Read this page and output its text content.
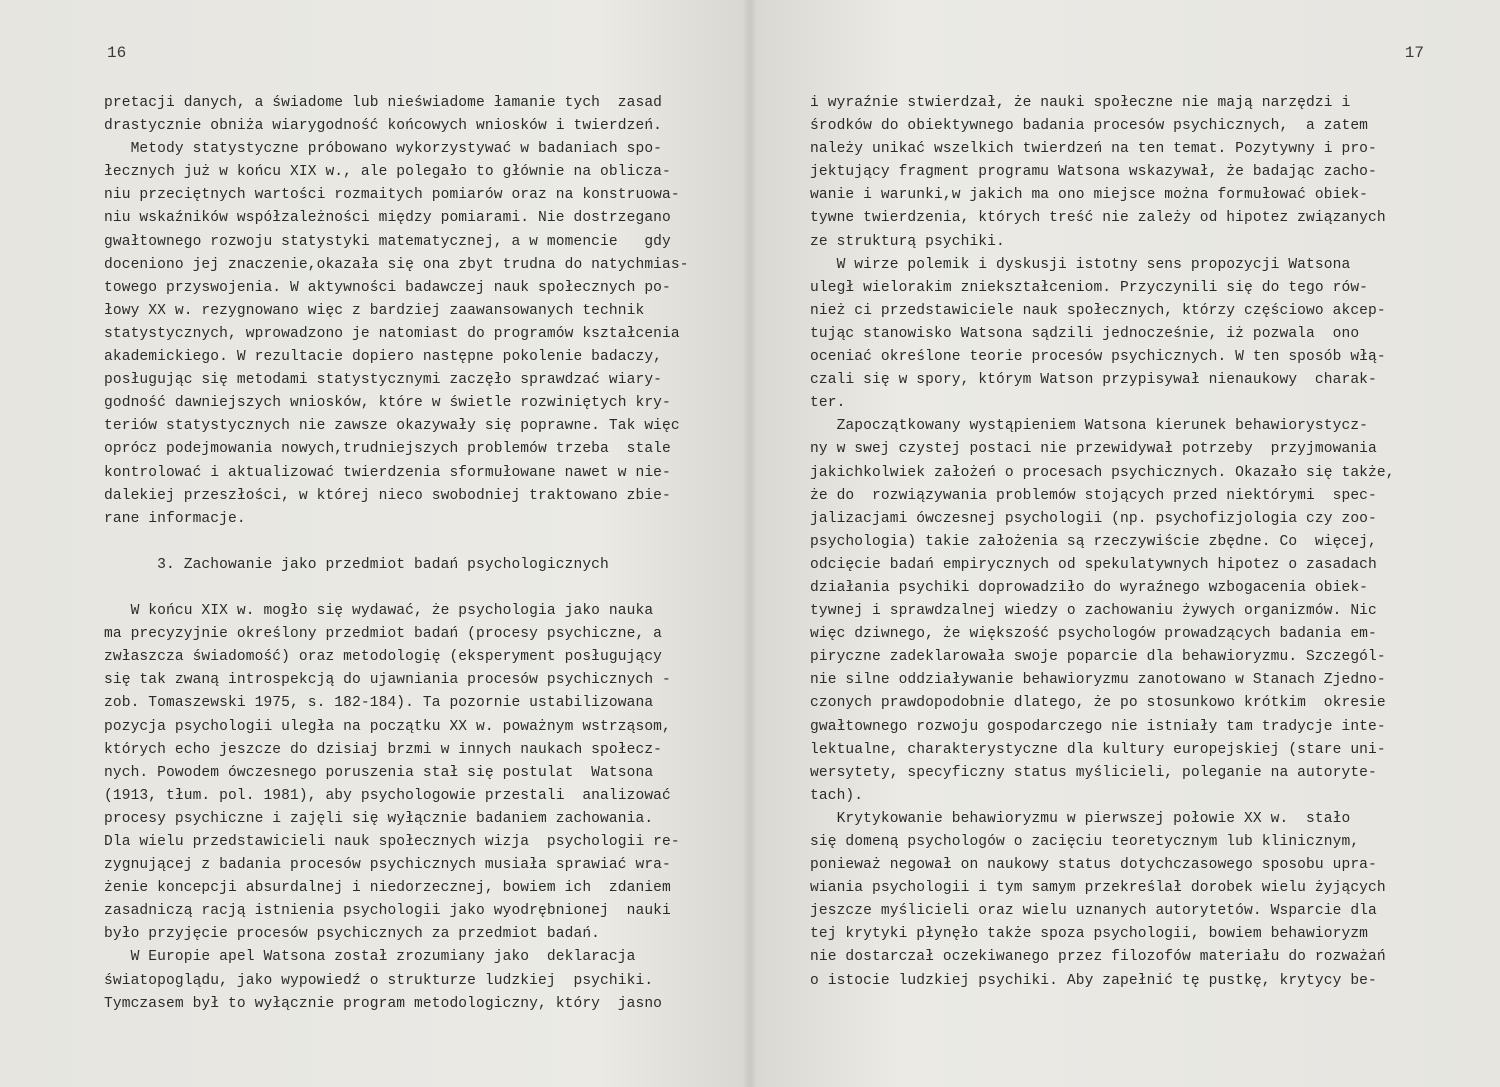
16
pretacji danych, a świadome lub nieświadome łamanie tych  zasad
drastycznie obniża wiarygodność końcowych wniosków i twierdzeń.
Metody statystyczne próbowano wykorzystywać w badaniach spo-
łecznych już w końcu XIX w., ale polegało to głównie na oblicza-
niu przeciętnych wartości rozmaitych pomiarów oraz na konstruowa-
niu wskaźników współzależności między pomiarami. Nie dostrzegano
gwałtownego rozwoju statystyki matematycznej, a w momencie   gdy
doceniono jej znaczenie,okazała się ona zbyt trudna do natychmias-
towego przyswojenia. W aktywności badawczej nauk społecznych po-
łowy XX w. rezygnowano więc z bardziej zaawansowanych technik
statystycznych, wprowadzono je natomiast do programów kształcenia
akademickiego. W rezultacie dopiero następne pokolenie badaczy,
posługując się metodami statystycznymi zaczęło sprawdzać wiary-
godność dawniejszych wniosków, które w świetle rozwiniętych kry-
teriów statystycznych nie zawsze okazywały się poprawne. Tak więc
oprócz podejmowania nowych,trudniejszych problemów trzeba  stale
kontrolować i aktualizować twierdzenia sformułowane nawet w nie-
dalekiej przeszłości, w której nieco swobodniej traktowano zbie-
rane informacje.

3. Zachowanie jako przedmiot badań psychologicznych

W końcu XIX w. mogło się wydawać, że psychologia jako nauka
ma precyzyjnie określony przedmiot badań (procesy psychiczne, a
zwłaszcza świadomość) oraz metodologię (eksperyment posługujący
się tak zwaną introspekcją do ujawniania procesów psychicznych -
zob. Tomaszewski 1975, s. 182-184). Ta pozornie ustabilizowana
pozycja psychologii uległa na początku XX w. poważnym wstrząsom,
których echo jeszcze do dzisiaj brzmi w innych naukach społecz-
nych. Powodem ówczesnego poruszenia stał się postulat  Watsona
(1913, tłum. pol. 1981), aby psychologowie przestali  analizować
procesy psychiczne i zajęli się wyłącznie badaniem zachowania.
Dla wielu przedstawicieli nauk społecznych wizja  psychologii re-
zygnującej z badania procesów psychicznych musiała sprawiać wra-
żenie koncepcji absurdalnej i niedorzecznej, bowiem ich  zdaniem
zasadniczą racją istnienia psychologii jako wyodrębnionej  nauki
było przyjęcie procesów psychicznych za przedmiot badań.
W Europie apel Watsona został zrozumiany jako  deklaracja
światopoglądu, jako wypowiedź o strukturze ludzkiej  psychiki.
Tymczasem był to wyłącznie program metodologiczny, który  jasno
17
i wyraźnie stwierdzał, że nauki społeczne nie mają narzędzi i
środków do obiektywnego badania procesów psychicznych,  a zatem
należy unikać wszelkich twierdzeń na ten temat. Pozytywny i pro-
jektujący fragment programu Watsona wskazywał, że badając zacho-
wanie i warunki,w jakich ma ono miejsce można formułować obiek-
tywne twierdzenia, których treść nie zależy od hipotez związanych
ze strukturą psychiki.
W wirze polemik i dyskusji istotny sens propozycji Watsona
uległ wielorakim zniekształceniom. Przyczynili się do tego rów-
nież ci przedstawiciele nauk społecznych, którzy częściowo akcep-
tując stanowisko Watsona sądzili jednocześnie, iż pozwala  ono
oceniać określone teorie procesów psychicznych. W ten sposób włą-
czali się w spory, którym Watson przypisywał nienaukowy  charak-
ter.
Zapoczątkowany wystąpieniem Watsona kierunek behawiorystycz-
ny w swej czystej postaci nie przewidywał potrzeby  przyjmowania
jakichkolwiek założeń o procesach psychicznych. Okazało się także,
że do  rozwiązywania problemów stojących przed niektórymi  spec-
jalizacjami ówczesnej psychologii (np. psychofizjologia czy zoo-
psychologia) takie założenia są rzeczywiście zbędne. Co  więcej,
odcięcie badań empirycznych od spekulatywnych hipotez o zasadach
działania psychiki doprowadziło do wyraźnego wzbogacenia obiek-
tywnej i sprawdzalnej wiedzy o zachowaniu żywych organizmów. Nic
więc dziwnego, że większość psychologów prowadzących badania em-
piryczne zadeklarowała swoje poparcie dla behawioryzmu. Szczegól-
nie silne oddziaływanie behawioryzmu zanotowano w Stanach Zjedno-
czonych prawdopodobnie dlatego, że po stosunkowo krótkim  okresie
gwałtownego rozwoju gospodarczego nie istniały tam tradycje inte-
lektualne, charakterystyczne dla kultury europejskiej (stare uni-
wersytety, specyficzny status myślicieli, poleganie na autoryte-
tach).
Krytykowanie behawioryzmu w pierwszej połowie XX w.  stało
się domeną psychologów o zacięciu teoretycznym lub klinicznym,
ponieważ negował on naukowy status dotychczasowego sposobu upra-
wiania psychologii i tym samym przekreślał dorobek wielu żyjących
jeszcze myślicieli oraz wielu uznanych autorytetów. Wsparcie dla
tej krytyki płynęło także spoza psychologii, bowiem behawioryzm
nie dostarczał oczekiwanego przez filozofów materiału do rozważań
o istocie ludzkiej psychiki. Aby zapełnić tę pustkę, krytycy be-
